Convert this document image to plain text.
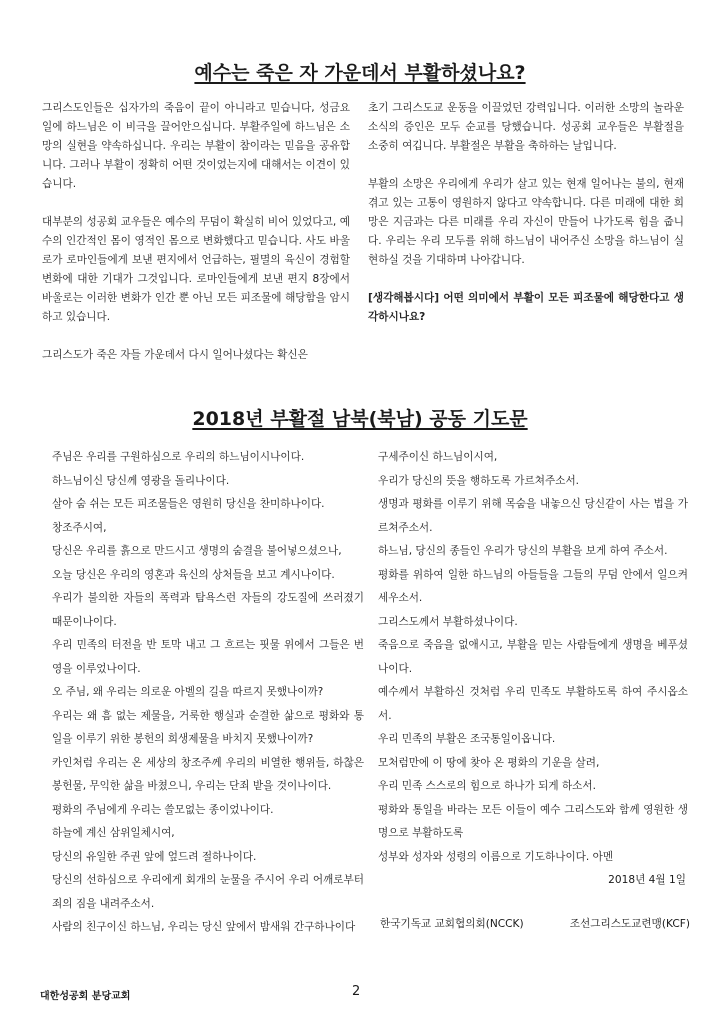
예수는 죽은 자 가운데서 부활하셨나요?

그리스도인들은 십자가의 죽음이 끝이 아니라고 믿습니다, 성금요일에 하느님은 이 비극을 끌어안으십니다. 부활주일에 하느님은 소망의 실현을 약속하십니다. 우리는 부활이 참이라는 믿음을 공유합니다. 그러나 부활이 정확히 어떤 것이었는지에 대해서는 이견이 있습니다.

대부분의 성공회 교우들은 예수의 무덤이 확실히 비어 있었다고, 예수의 인간적인 몸이 영적인 몸으로 변화했다고 믿습니다. 사도 바울로가 로마인들에게 보낸 편지에서 언급하는, 필멸의 육신이 경험할 변화에 대한 기대가 그것입니다. 로마인들에게 보낸 편지 8장에서 바울로는 이러한 변화가 인간 뿐 아닌 모든 피조물에 해당함을 암시하고 있습니다.

그리스도가 죽은 자들 가운데서 다시 일어나셨다는 확신은

초기 그리스도교 운동을 이끌었던 강력입니다. 이러한 소망의 놀라운 소식의 증인은 모두 순교를 당했습니다. 성공회 교우들은 부활절을 소중히 여깁니다. 부활절은 부활을 축하하는 날입니다.

부활의 소망은 우리에게 우리가 살고 있는 현재 일어나는 불의, 현재 겪고 있는 고통이 영원하지 않다고 약속합니다. 다른 미래에 대한 희망은 지금과는 다른 미래를 우리 자신이 만들어 나가도록 힘을 줍니다. 우리는 우리 모두를 위해 하느님이 내어주신 소망을 하느님이 실현하실 것을 기대하며 나아갑니다.

[생각해봅시다] 어떤 의미에서 부활이 모든 피조물에 해당한다고 생각하시나요?

2018년 부활절 남북(북남) 공동 기도문

주님은 우리를 구원하심으로 우리의 하느님이시나이다.

하느님이신 당신께 영광을 돌리나이다.

살아 숨 쉬는 모든 피조물들은 영원히 당신을 찬미하나이다.

창조주시여,

당신은 우리를 흙으로 만드시고 생명의 숨결을 불어넣으셨으나,

오늘 당신은 우리의 영혼과 육신의 상처들을 보고 계시나이다.

우리가 불의한 자들의 폭력과 탐욕스런 자들의 강도질에 쓰러졌기 때문이나이다.

우리 민족의 터전을 반 토막 내고 그 흐르는 핏물 위에서 그들은 번영을 이루었나이다.

오 주님, 왜 우리는 의로운 아벨의 길을 따르지 못했나이까?

우리는 왜 흠 없는 제물을, 거룩한 행실과 순결한 삶으로 평화와 통일을 이루기 위한 봉헌의 희생제물을 바치지 못했나이까?

카인처럼 우리는 온 세상의 창조주께 우리의 비열한 행위들, 하찮은 봉헌물, 무익한 삶을 바쳤으니, 우리는 단죄 받을 것이나이다.

평화의 주님에게 우리는 쓸모없는 종이었나이다.

하늘에 계신 삼위일체시여,

당신의 유일한 주권 앞에 엎드려 절하나이다.

당신의 선하심으로 우리에게 회개의 눈물을 주시어 우리 어깨로부터 죄의 짐을 내려주소서.

사람의 친구이신 하느님, 우리는 당신 앞에서 밤새워 간구하나이다

구세주이신 하느님이시여,

우리가 당신의 뜻을 행하도록 가르쳐주소서.

생명과 평화를 이루기 위해 목숨을 내놓으신 당신같이 사는 법을 가르쳐주소서.

하느님, 당신의 종들인 우리가 당신의 부활을 보게 하여 주소서.

평화를 위하여 일한 하느님의 아들들을 그들의 무덤 안에서 일으켜 세우소서.

그리스도께서 부활하셨나이다.

죽음으로 죽음을 없애시고, 부활을 믿는 사람들에게 생명을 베푸셨나이다.

예수께서 부활하신 것처럼 우리 민족도 부활하도록 하여 주시옵소서.

우리 민족의 부활은 조국통일이옵니다.

모처럼만에 이 땅에 찾아 온 평화의 기운을 살려,

우리 민족 스스로의 힘으로 하나가 되게 하소서.

평화와 통일을 바라는 모든 이들이 예수 그리스도와 함께 영원한 생명으로 부활하도록

성부와 성자와 성령의 이름으로 기도하나이다. 아멘

2018년 4월 1일
한국기독교 교회협의회(NCCK)	조선그리스도교련맹(KCF)
대한성공회 분당교회	2
